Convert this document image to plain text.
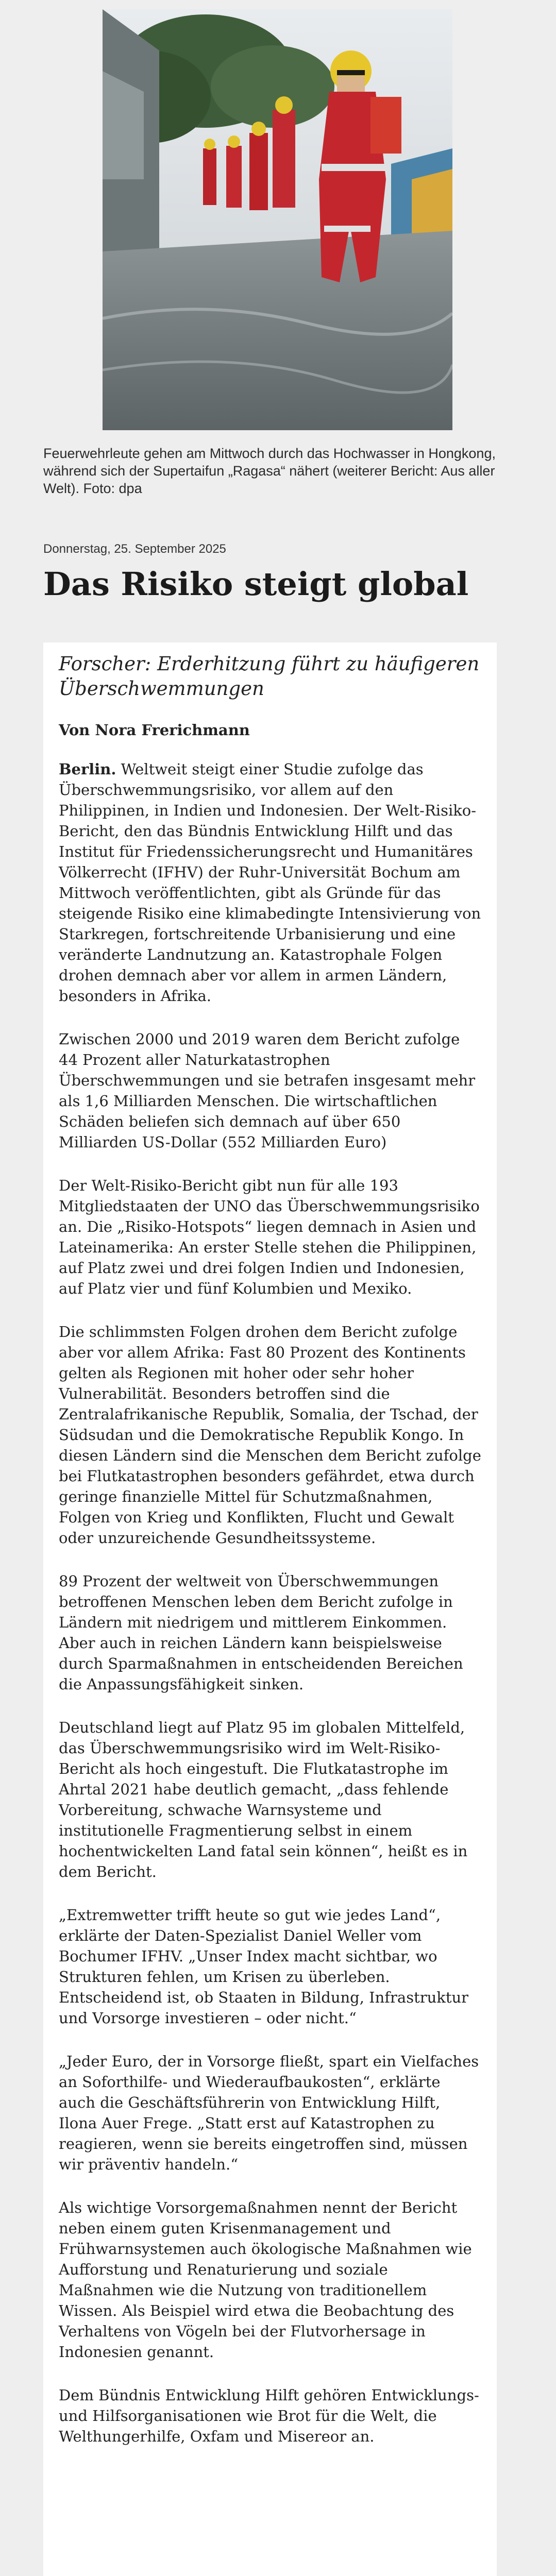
Feuerwehrleute gehen am Mittwoch durch das Hochwasser in Hongkong, während sich der Supertaifun „Ragasa“ nähert (weiterer Bericht: Aus aller Welt). Foto: dpa
Donnerstag, 25. September 2025
Das Risiko steigt global
Forscher: Erderhitzung führt zu häufigeren Überschwemmungen

Von Nora Frerichmann

Berlin. Weltweit steigt einer Studie zufolge das Überschwemmungsrisiko, vor allem auf den Philippinen, in Indien und Indonesien. Der Welt-Risiko-Bericht, den das Bündnis Entwicklung Hilft und das Institut für Friedenssicherungsrecht und Humanitäres Völkerrecht (IFHV) der Ruhr-Universität Bochum am Mittwoch veröffentlichten, gibt als Gründe für das steigende Risiko eine klimabedingte Intensivierung von Starkregen, fortschreitende Urbanisierung und eine veränderte Landnutzung an. Katastrophale Folgen drohen demnach aber vor allem in armen Ländern, besonders in Afrika.

Zwischen 2000 und 2019 waren dem Bericht zufolge 44 Prozent aller Naturkatastrophen Überschwemmungen und sie betrafen insgesamt mehr als 1,6 Milliarden Menschen. Die wirtschaftlichen Schäden beliefen sich demnach auf über 650 Milliarden US-Dollar (552 Milliarden Euro)

Der Welt-Risiko-Bericht gibt nun für alle 193 Mitgliedstaaten der UNO das Überschwemmungsrisiko an. Die „Risiko-Hotspots“ liegen demnach in Asien und Lateinamerika: An erster Stelle stehen die Philippinen, auf Platz zwei und drei folgen Indien und Indonesien, auf Platz vier und fünf Kolumbien und Mexiko.

Die schlimmsten Folgen drohen dem Bericht zufolge aber vor allem Afrika: Fast 80 Prozent des Kontinents gelten als Regionen mit hoher oder sehr hoher Vulnerabilität. Besonders betroffen sind die Zentralafrikanische Republik, Somalia, der Tschad, der Südsudan und die Demokratische Republik Kongo. In diesen Ländern sind die Menschen dem Bericht zufolge bei Flutkatastrophen besonders gefährdet, etwa durch geringe finanzielle Mittel für Schutzmaßnahmen, Folgen von Krieg und Konflikten, Flucht und Gewalt oder unzureichende Gesundheitssysteme.

89 Prozent der weltweit von Überschwemmungen betroffenen Menschen leben dem Bericht zufolge in Ländern mit niedrigem und mittlerem Einkommen. Aber auch in reichen Ländern kann beispielsweise durch Sparmaßnahmen in entscheidenden Bereichen die Anpassungsfähigkeit sinken.

Deutschland liegt auf Platz 95 im globalen Mittelfeld, das Überschwemmungsrisiko wird im Welt-Risiko-Bericht als hoch eingestuft. Die Flutkatastrophe im Ahrtal 2021 habe deutlich gemacht, „dass fehlende Vorbereitung, schwache Warnsysteme und institutionelle Fragmentierung selbst in einem hochentwickelten Land fatal sein können“, heißt es in dem Bericht.

„Extremwetter trifft heute so gut wie jedes Land“, erklärte der Daten-Spezialist Daniel Weller vom Bochumer IFHV. „Unser Index macht sichtbar, wo Strukturen fehlen, um Krisen zu überleben. Entscheidend ist, ob Staaten in Bildung, Infrastruktur und Vorsorge investieren – oder nicht.“

„Jeder Euro, der in Vorsorge fließt, spart ein Vielfaches an Soforthilfe- und Wiederaufbaukosten“, erklärte auch die Geschäftsführerin von Entwicklung Hilft, Ilona Auer Frege. „Statt erst auf Katastrophen zu reagieren, wenn sie bereits eingetroffen sind, müssen wir präventiv handeln.“

Als wichtige Vorsorgemaßnahmen nennt der Bericht neben einem guten Krisenmanagement und Frühwarnsystemen auch ökologische Maßnahmen wie Aufforstung und Renaturierung und soziale Maßnahmen wie die Nutzung von traditionellem Wissen. Als Beispiel wird etwa die Beobachtung des Verhaltens von Vögeln bei der Flutvorhersage in Indonesien genannt.

Dem Bündnis Entwicklung Hilft gehören Entwicklungs- und Hilfsorganisationen wie Brot für die Welt, die Welthungerhilfe, Oxfam und Misereor an.
